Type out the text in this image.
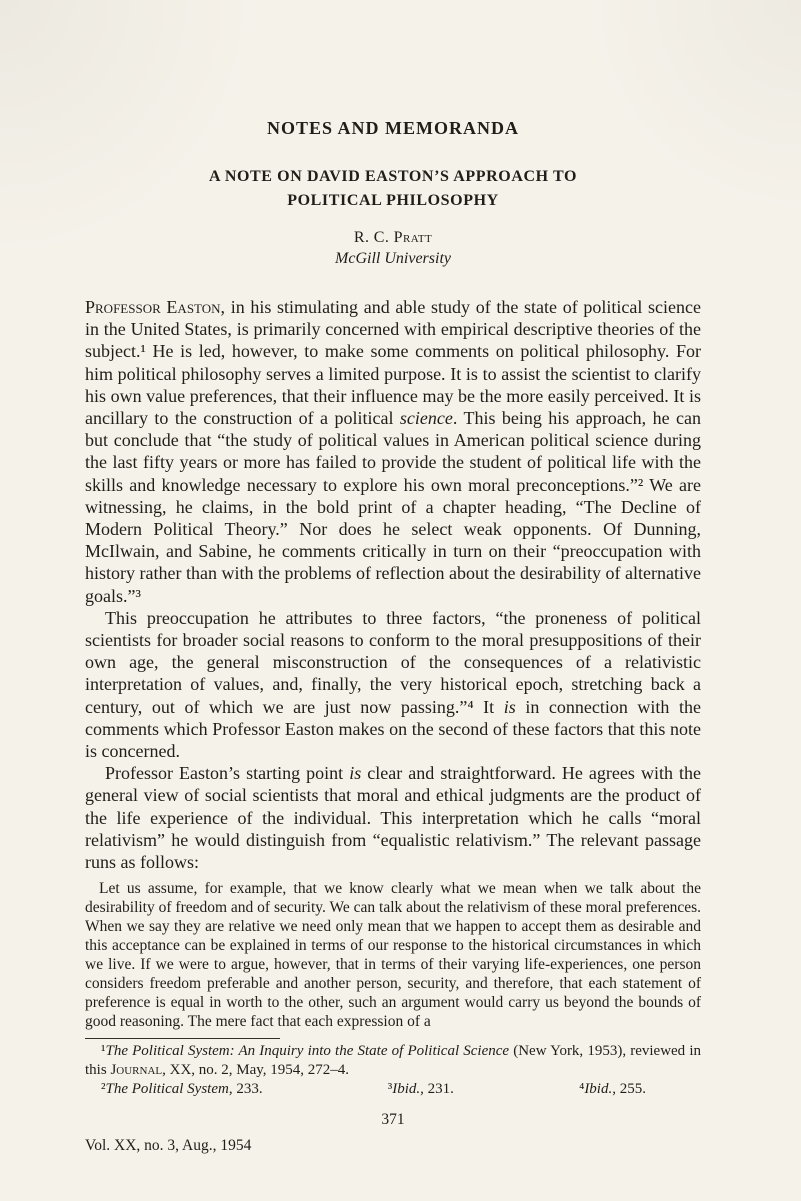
NOTES AND MEMORANDA
A NOTE ON DAVID EASTON’S APPROACH TO
POLITICAL PHILOSOPHY

R. C. Pratt

McGill University

Professor Easton, in his stimulating and able study of the state of political science in the United States, is primarily concerned with empirical descriptive theories of the subject.¹ He is led, however, to make some comments on political philosophy. For him political philosophy serves a limited purpose. It is to assist the scientist to clarify his own value preferences, that their influence may be the more easily perceived. It is ancillary to the construction of a political science. This being his approach, he can but conclude that “the study of political values in American political science during the last fifty years or more has failed to provide the student of political life with the skills and knowledge necessary to explore his own moral preconceptions.”² We are witnessing, he claims, in the bold print of a chapter heading, “The Decline of Modern Political Theory.” Nor does he select weak opponents. Of Dunning, McIlwain, and Sabine, he comments critically in turn on their “preoccupation with history rather than with the problems of reflection about the desirability of alternative goals.”³

This preoccupation he attributes to three factors, “the proneness of political scientists for broader social reasons to conform to the moral presuppositions of their own age, the general misconstruction of the consequences of a relativistic interpretation of values, and, finally, the very historical epoch, stretching back a century, out of which we are just now passing.”⁴ It is in connection with the comments which Professor Easton makes on the second of these factors that this note is concerned.

Professor Easton’s starting point is clear and straightforward. He agrees with the general view of social scientists that moral and ethical judgments are the product of the life experience of the individual. This interpretation which he calls “moral relativism” he would distinguish from “equalistic relativism.” The relevant passage runs as follows:

Let us assume, for example, that we know clearly what we mean when we talk about the desirability of freedom and of security. We can talk about the relativism of these moral preferences. When we say they are relative we need only mean that we happen to accept them as desirable and this acceptance can be explained in terms of our response to the historical circumstances in which we live. If we were to argue, however, that in terms of their varying life-experiences, one person considers freedom preferable and another person, security, and therefore, that each statement of preference is equal in worth to the other, such an argument would carry us beyond the bounds of good reasoning. The mere fact that each expression of a

¹The Political System: An Inquiry into the State of Political Science (New York, 1953), reviewed in this Journal, XX, no. 2, May, 1954, 272–4.

²The Political System, 233.	³Ibid., 231.	⁴Ibid., 255.

371

Vol. XX, no. 3, Aug., 1954
